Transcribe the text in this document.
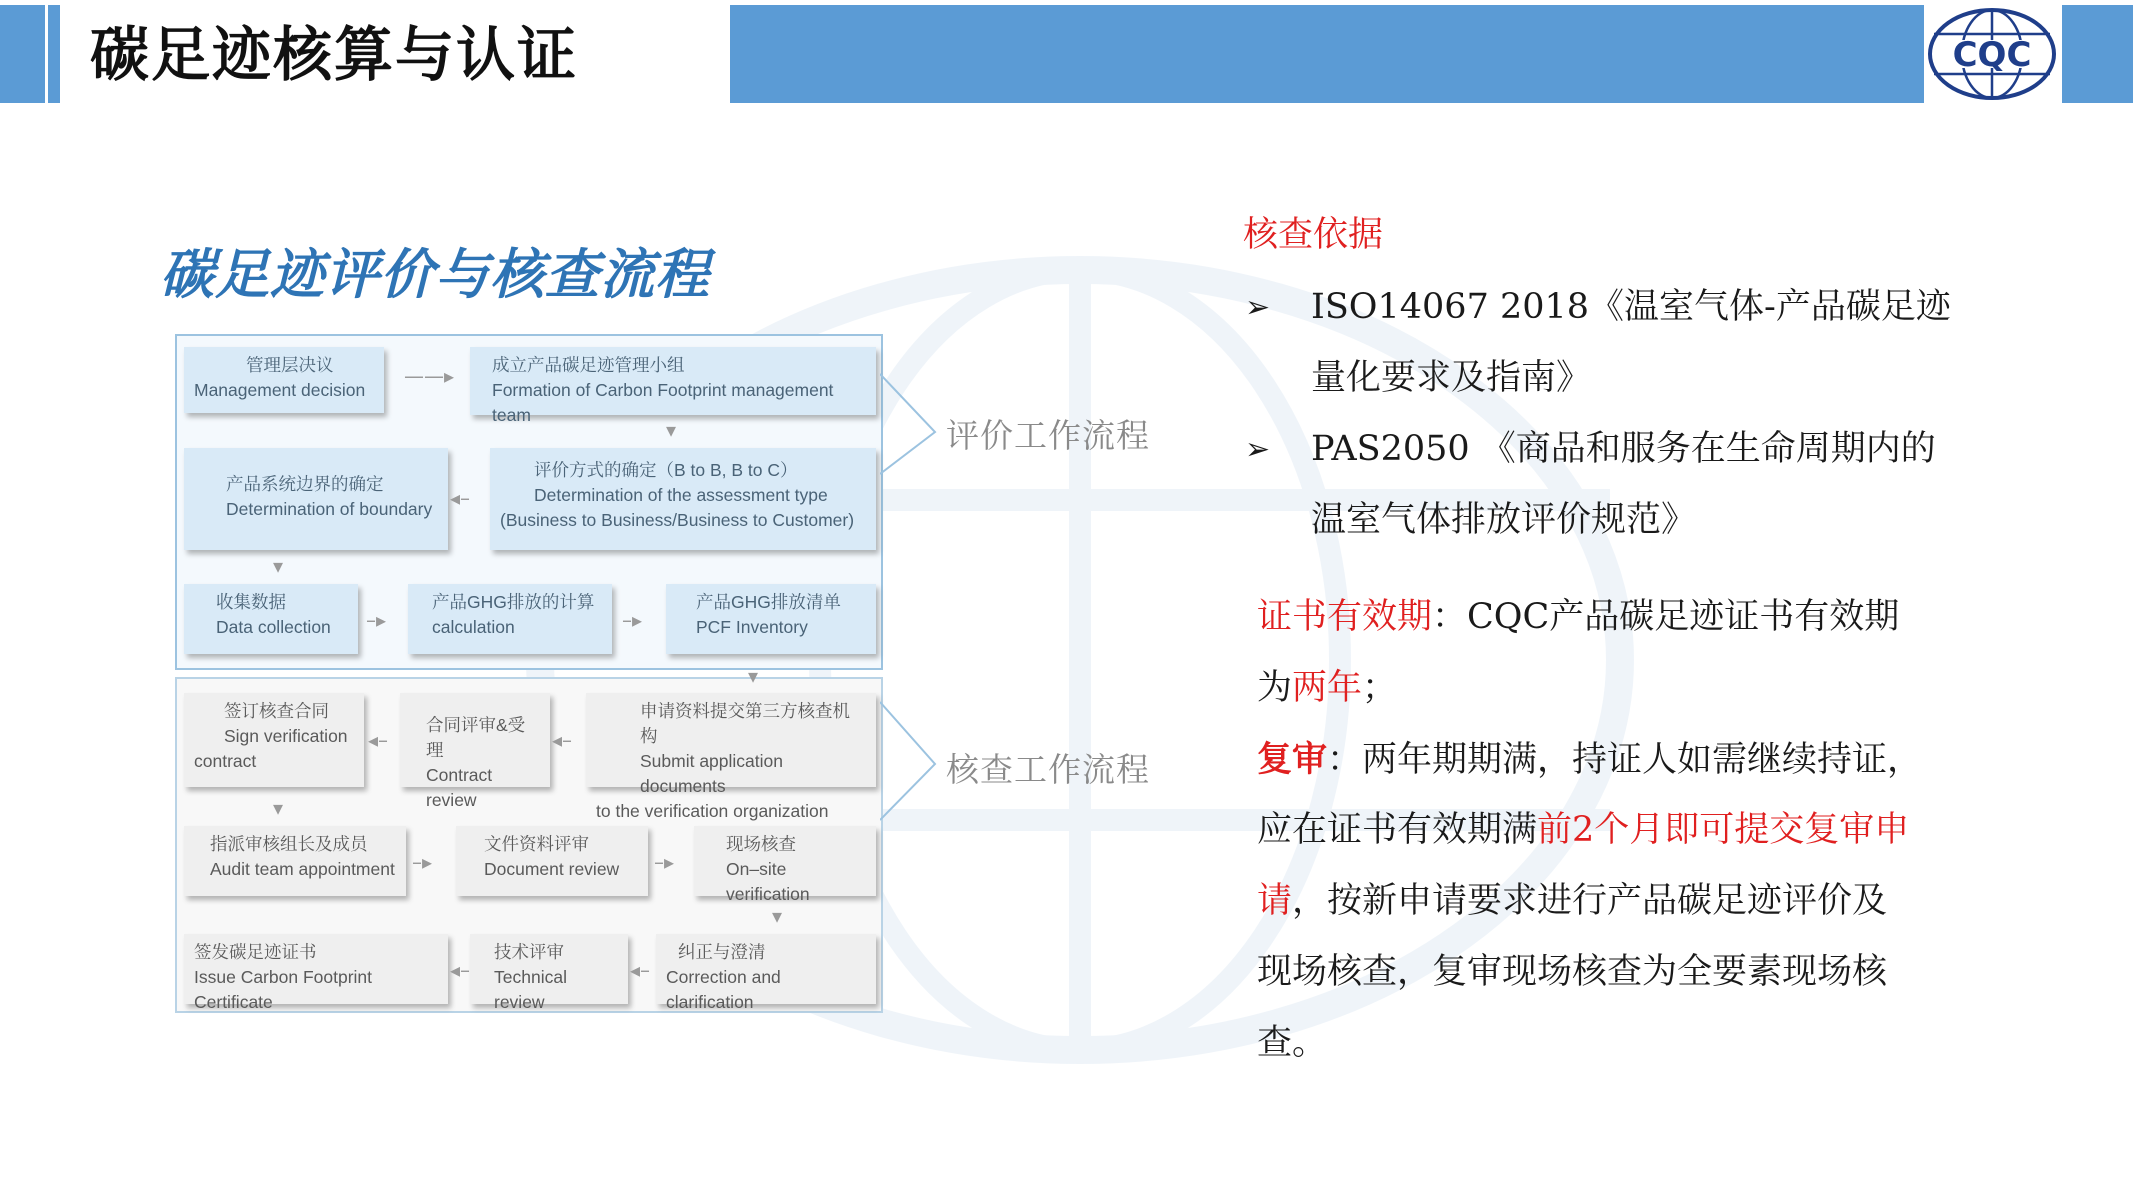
碳足迹核算与认证	CQC
碳足迹评价与核查流程
管理层决议
Management decision
——▸	成立产品碳足迹管理小组
Formation of Carbon Footprint management team
▾
产品系统边界的确定
Determination of boundary ◂–
评价方式的确定（B to B, B to C）
Determination of the assessment type
(Business to Business/Business to Customer)
▾
收集数据
Data collection	–▸
产品GHG排放的计算
calculation	–▸
产品GHG排放清单
PCF Inventory
▾
签订核查合同
Sign verification
contract
◂–
合同评审&受理
Contract review
◂–
申请资料提交第三方核查机构
Submit application documents
to the verification organization
▾
指派审核组长及成员
Audit team appointment –▸
文件资料评审
Document review	–▸
现场核查
On–site verification
▾
签发碳足迹证书
Issue Carbon Footprint Certificate
◂–
技术评审
Technical review
◂–
纠正与澄清
Correction and clarification
评价工作流程
核查工作流程
核查依据
➢ ISO14067 2018《温室气体-产品碳足迹
量化要求及指南》
➢ PAS2050 《商品和服务在生命周期内的
温室气体排放评价规范》
证书有效期：CQC产品碳足迹证书有效期
为两年；
复审：两年期期满，持证人如需继续持证，
应在证书有效期满前2个月即可提交复审申
请，按新申请要求进行产品碳足迹评价及
现场核查，复审现场核查为全要素现场核
查。
